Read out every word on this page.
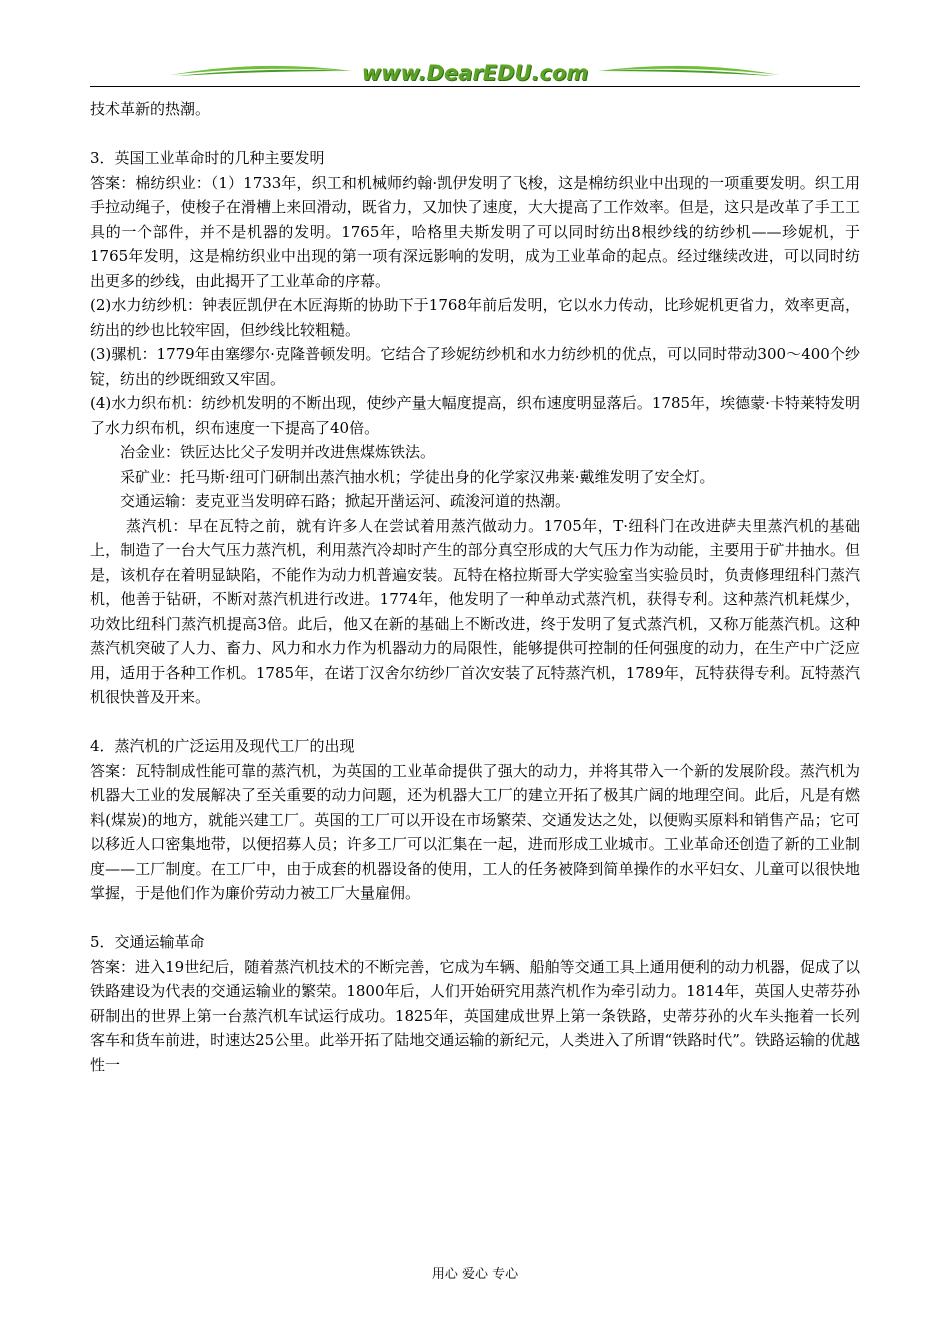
www.DearEDU.com

技术革新的热潮。

3．英国工业革命时的几种主要发明

答案：棉纺织业：（1）1733年，织工和机械师约翰·凯伊发明了飞梭，这是棉纺织业中出现的一项重要发明。织工用手拉动绳子，使梭子在滑槽上来回滑动，既省力，又加快了速度，大大提高了工作效率。但是，这只是改革了手工工具的一个部件，并不是机器的发明。1765年，哈格里夫斯发明了可以同时纺出8根纱线的纺纱机——珍妮机，于1765年发明，这是棉纺织业中出现的第一项有深远影响的发明，成为工业革命的起点。经过继续改进，可以同时纺出更多的纱线，由此揭开了工业革命的序幕。

(2)水力纺纱机：钟表匠凯伊在木匠海斯的协助下于1768年前后发明，它以水力传动，比珍妮机更省力，效率更高，纺出的纱也比较牢固，但纱线比较粗糙。

(3)骡机：1779年由塞缪尔·克隆普顿发明。它结合了珍妮纺纱机和水力纺纱机的优点，可以同时带动300～400个纱锭，纺出的纱既细致又牢固。

(4)水力织布机：纺纱机发明的不断出现，使纱产量大幅度提高，织布速度明显落后。1785年，埃德蒙·卡特莱特发明了水力织布机，织布速度一下提高了40倍。

冶金业：铁匠达比父子发明并改进焦煤炼铁法。

采矿业：托马斯·纽可门研制出蒸汽抽水机；学徒出身的化学家汉弗莱·戴维发明了安全灯。

交通运输：麦克亚当发明碎石路；掀起开凿运河、疏浚河道的热潮。

蒸汽机：早在瓦特之前，就有许多人在尝试着用蒸汽做动力。1705年，T·纽科门在改进萨夫里蒸汽机的基础上，制造了一台大气压力蒸汽机，利用蒸汽冷却时产生的部分真空形成的大气压力作为动能，主要用于矿井抽水。但是，该机存在着明显缺陷，不能作为动力机普遍安装。瓦特在格拉斯哥大学实验室当实验员时，负责修理纽科门蒸汽机，他善于钻研，不断对蒸汽机进行改进。1774年，他发明了一种单动式蒸汽机，获得专利。这种蒸汽机耗煤少，功效比纽科门蒸汽机提高3倍。此后，他又在新的基础上不断改进，终于发明了复式蒸汽机，又称万能蒸汽机。这种蒸汽机突破了人力、畜力、风力和水力作为机器动力的局限性，能够提供可控制的任何强度的动力，在生产中广泛应用，适用于各种工作机。1785年，在诺丁汉舍尔纺纱厂首次安装了瓦特蒸汽机，1789年，瓦特获得专利。瓦特蒸汽机很快普及开来。

4．蒸汽机的广泛运用及现代工厂的出现

答案：瓦特制成性能可靠的蒸汽机，为英国的工业革命提供了强大的动力，并将其带入一个新的发展阶段。蒸汽机为机器大工业的发展解决了至关重要的动力问题，还为机器大工厂的建立开拓了极其广阔的地理空间。此后，凡是有燃料(煤炭)的地方，就能兴建工厂。英国的工厂可以开设在市场繁荣、交通发达之处，以便购买原料和销售产品；它可以移近人口密集地带，以便招募人员；许多工厂可以汇集在一起，进而形成工业城市。工业革命还创造了新的工业制度——工厂制度。在工厂中，由于成套的机器设备的使用，工人的任务被降到简单操作的水平妇女、儿童可以很快地掌握，于是他们作为廉价劳动力被工厂大量雇佣。

5．交通运输革命

答案：进入19世纪后，随着蒸汽机技术的不断完善，它成为车辆、船舶等交通工具上通用便利的动力机器，促成了以铁路建设为代表的交通运输业的繁荣。1800年后，人们开始研究用蒸汽机作为牵引动力。1814年，英国人史蒂芬孙研制出的世界上第一台蒸汽机车试运行成功。1825年，英国建成世界上第一条铁路，史蒂芬孙的火车头拖着一长列客车和货车前进，时速达25公里。此举开拓了陆地交通运输的新纪元，人类进入了所谓“铁路时代”。铁路运输的优越性一

用心 爱心 专心
